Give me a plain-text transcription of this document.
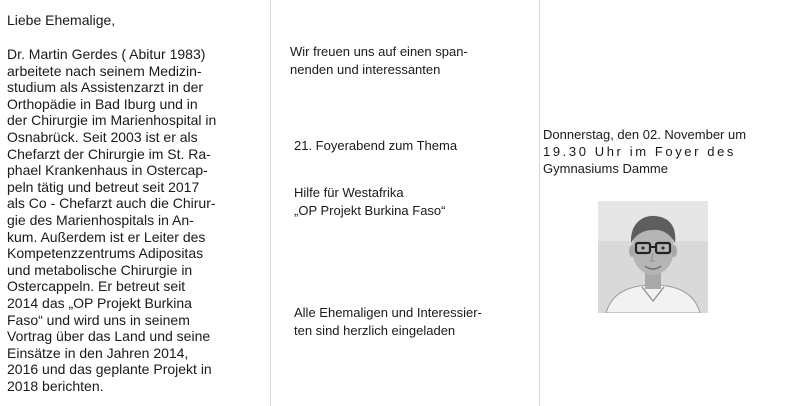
Liebe Ehemalige,
Dr. Martin Gerdes ( Abitur 1983)
arbeitete nach seinem Medizin-
studium als Assistenzarzt in der
Orthopädie in Bad Iburg und in
der Chirurgie im Marienhospital in
Osnabrück. Seit 2003 ist er als
Chefarzt der Chirurgie im St. Ra-
phael Krankenhaus in Ostercap-
peln tätig und betreut seit 2017
als Co - Chefarzt auch die Chirur-
gie des Marienhospitals in An-
kum. Außerdem ist er Leiter des
Kompetenzzentrums Adipositas
und metabolische Chirurgie in
Ostercappeln. Er betreut seit
2014 das „OP Projekt Burkina
Faso“ und wird uns in seinem
Vortrag über das Land und seine
Einsätze in den Jahren 2014,
2016 und das geplante Projekt in
2018 berichten.
Wir freuen uns auf einen span-
nenden und interessanten
21. Foyerabend zum Thema
Hilfe für Westafrika
„OP Projekt Burkina Faso“
Alle Ehemaligen und Interessier-
ten sind herzlich eingeladen
Donnerstag, den 02. November um
19.30 Uhr im Foyer des
Gymnasiums Damme
